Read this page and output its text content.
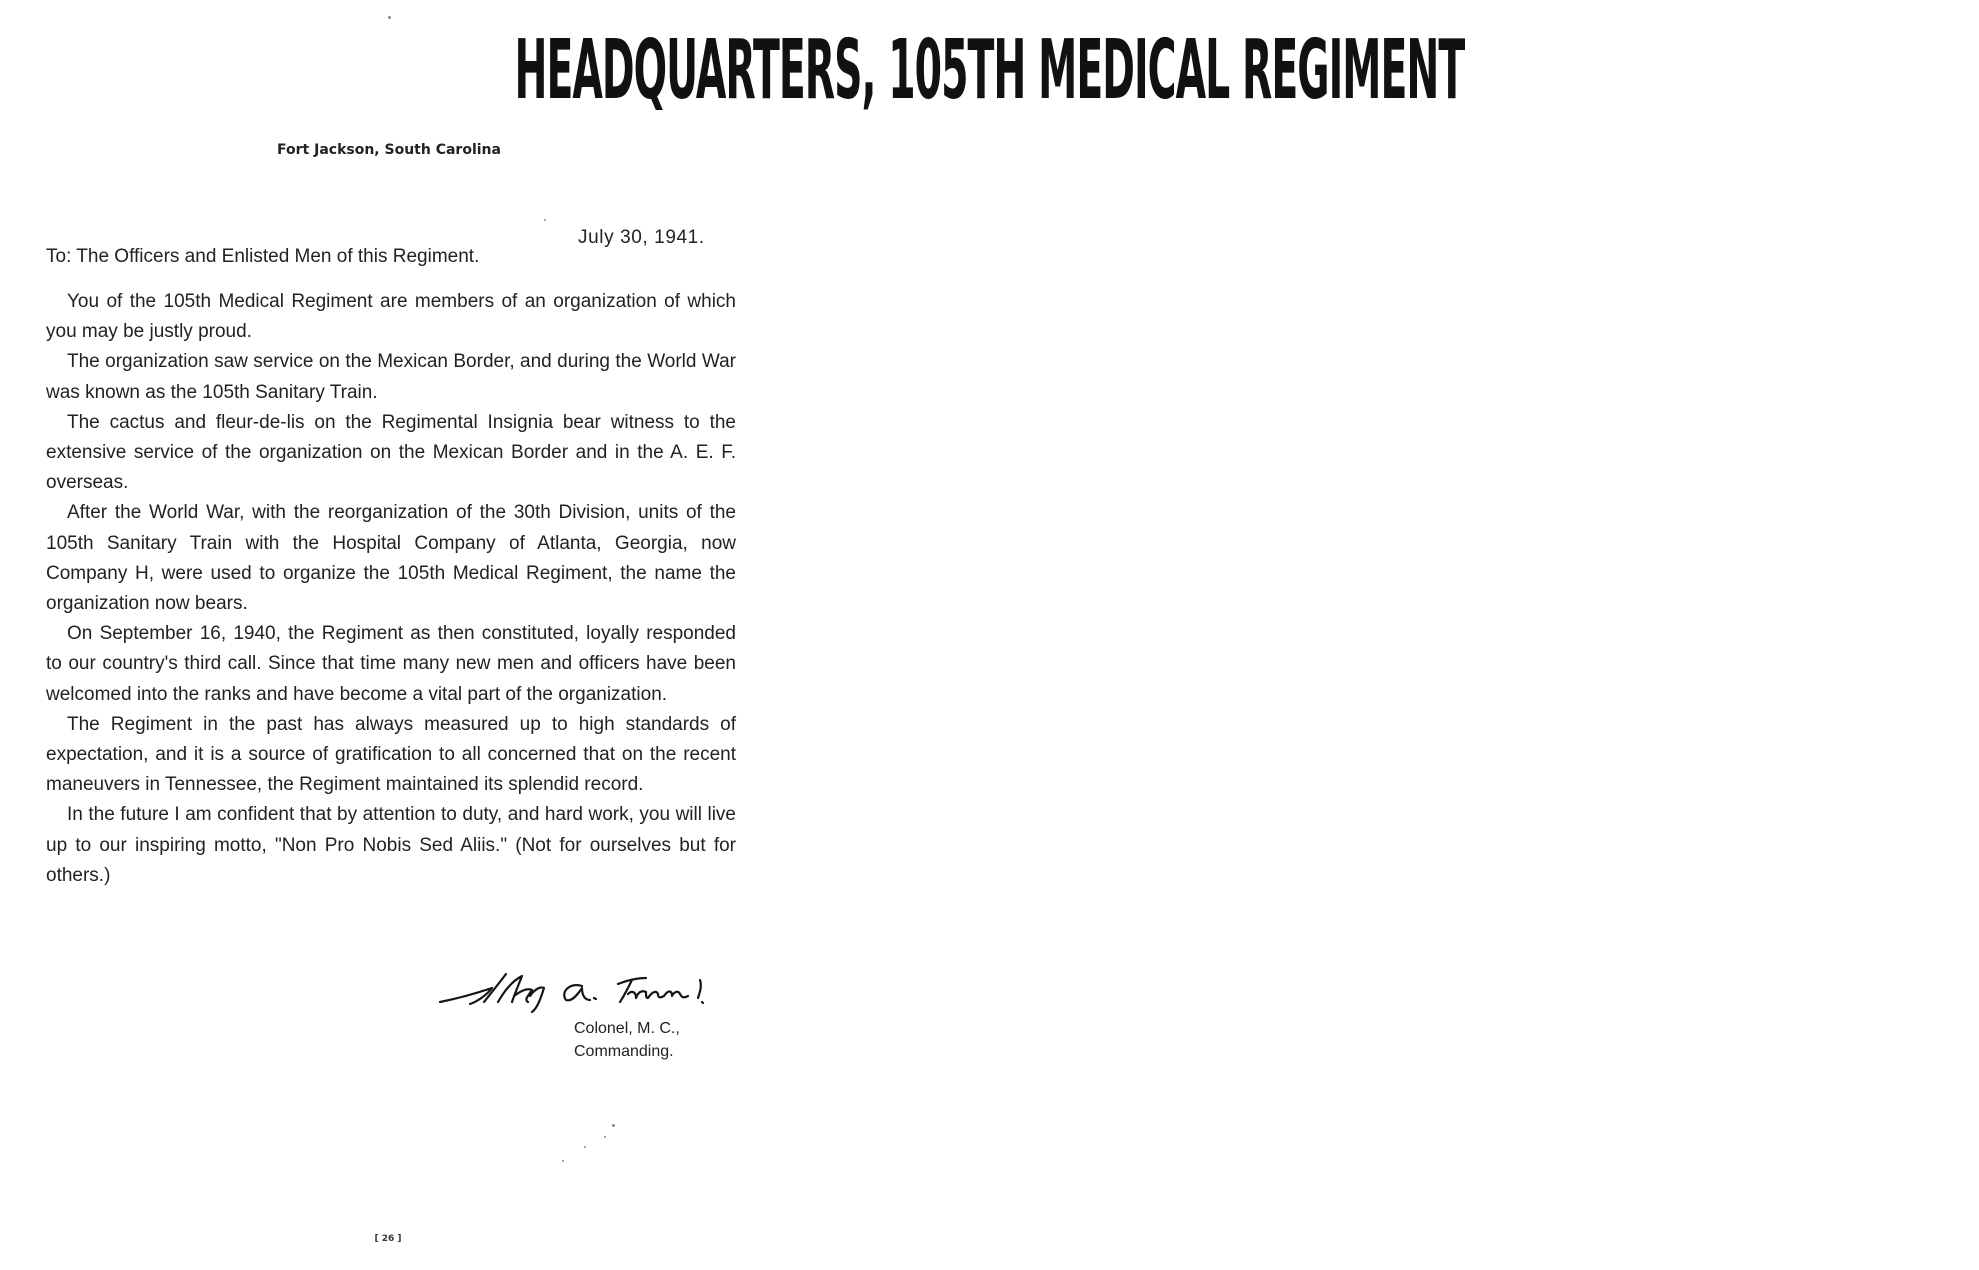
HEADQUARTERS, 105TH MEDICAL REGIMENT
Fort Jackson, South Carolina
July 30, 1941.
To: The Officers and Enlisted Men of this Regiment.

You of the 105th Medical Regiment are members of an organization of which you may be justly proud.

The organization saw service on the Mexican Border, and during the World War was known as the 105th Sanitary Train.

The cactus and fleur-de-lis on the Regimental Insignia bear witness to the extensive service of the organization on the Mexican Border and in the A. E. F. overseas.

After the World War, with the reorganization of the 30th Division, units of the 105th Sanitary Train with the Hospital Company of Atlanta, Georgia, now Company H, were used to organize the 105th Medical Regiment, the name the organization now bears.

On September 16, 1940, the Regiment as then constituted, loyally responded to our country's third call. Since that time many new men and officers have been welcomed into the ranks and have become a vital part of the organization.

The Regiment in the past has always measured up to high standards of expectation, and it is a source of gratification to all concerned that on the recent maneuvers in Tennessee, the Regiment maintained its splendid record.

In the future I am confident that by attention to duty, and hard work, you will live up to our inspiring motto, "Non Pro Nobis Sed Aliis." (Not for ourselves but for others.)

Colonel, M. C.,
Commanding.
[ 26 ]
